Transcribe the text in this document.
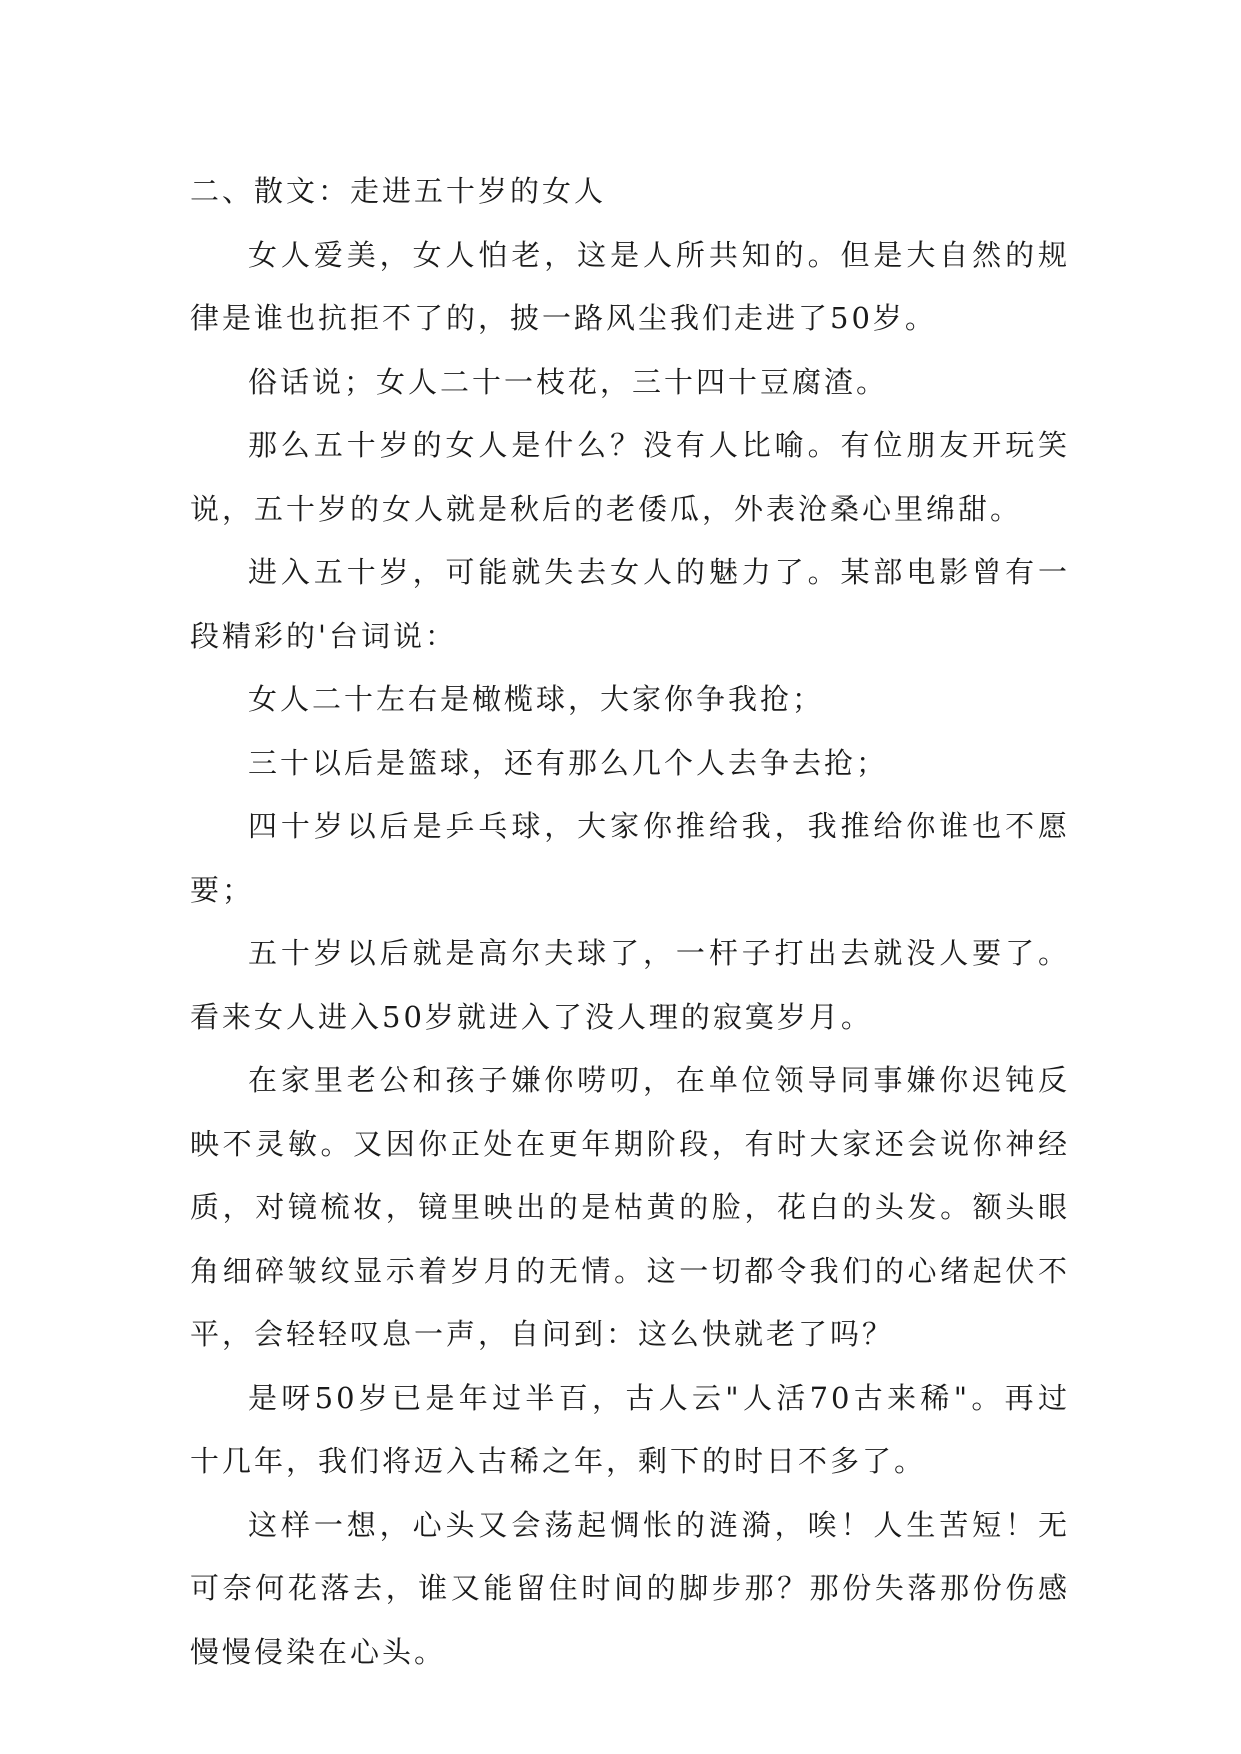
二、散文：走进五十岁的女人

女人爱美，女人怕老，这是人所共知的。但是大自然的规律是谁也抗拒不了的，披一路风尘我们走进了50岁。

俗话说；女人二十一枝花，三十四十豆腐渣。

那么五十岁的女人是什么？没有人比喻。有位朋友开玩笑说，五十岁的女人就是秋后的老倭瓜，外表沧桑心里绵甜。

进入五十岁，可能就失去女人的魅力了。某部电影曾有一段精彩的'台词说：

女人二十左右是橄榄球，大家你争我抢；

三十以后是篮球，还有那么几个人去争去抢；

四十岁以后是乒乓球，大家你推给我，我推给你谁也不愿要；

五十岁以后就是高尔夫球了，一杆子打出去就没人要了。看来女人进入50岁就进入了没人理的寂寞岁月。

在家里老公和孩子嫌你唠叨，在单位领导同事嫌你迟钝反映不灵敏。又因你正处在更年期阶段，有时大家还会说你神经质，对镜梳妆，镜里映出的是枯黄的脸，花白的头发。额头眼角细碎皱纹显示着岁月的无情。这一切都令我们的心绪起伏不平，会轻轻叹息一声，自问到：这么快就老了吗？

是呀50岁已是年过半百，古人云"人活70古来稀"。再过十几年，我们将迈入古稀之年，剩下的时日不多了。

这样一想，心头又会荡起惆怅的涟漪，唉！人生苦短！无可奈何花落去，谁又能留住时间的脚步那？那份失落那份伤感慢慢侵染在心头。
